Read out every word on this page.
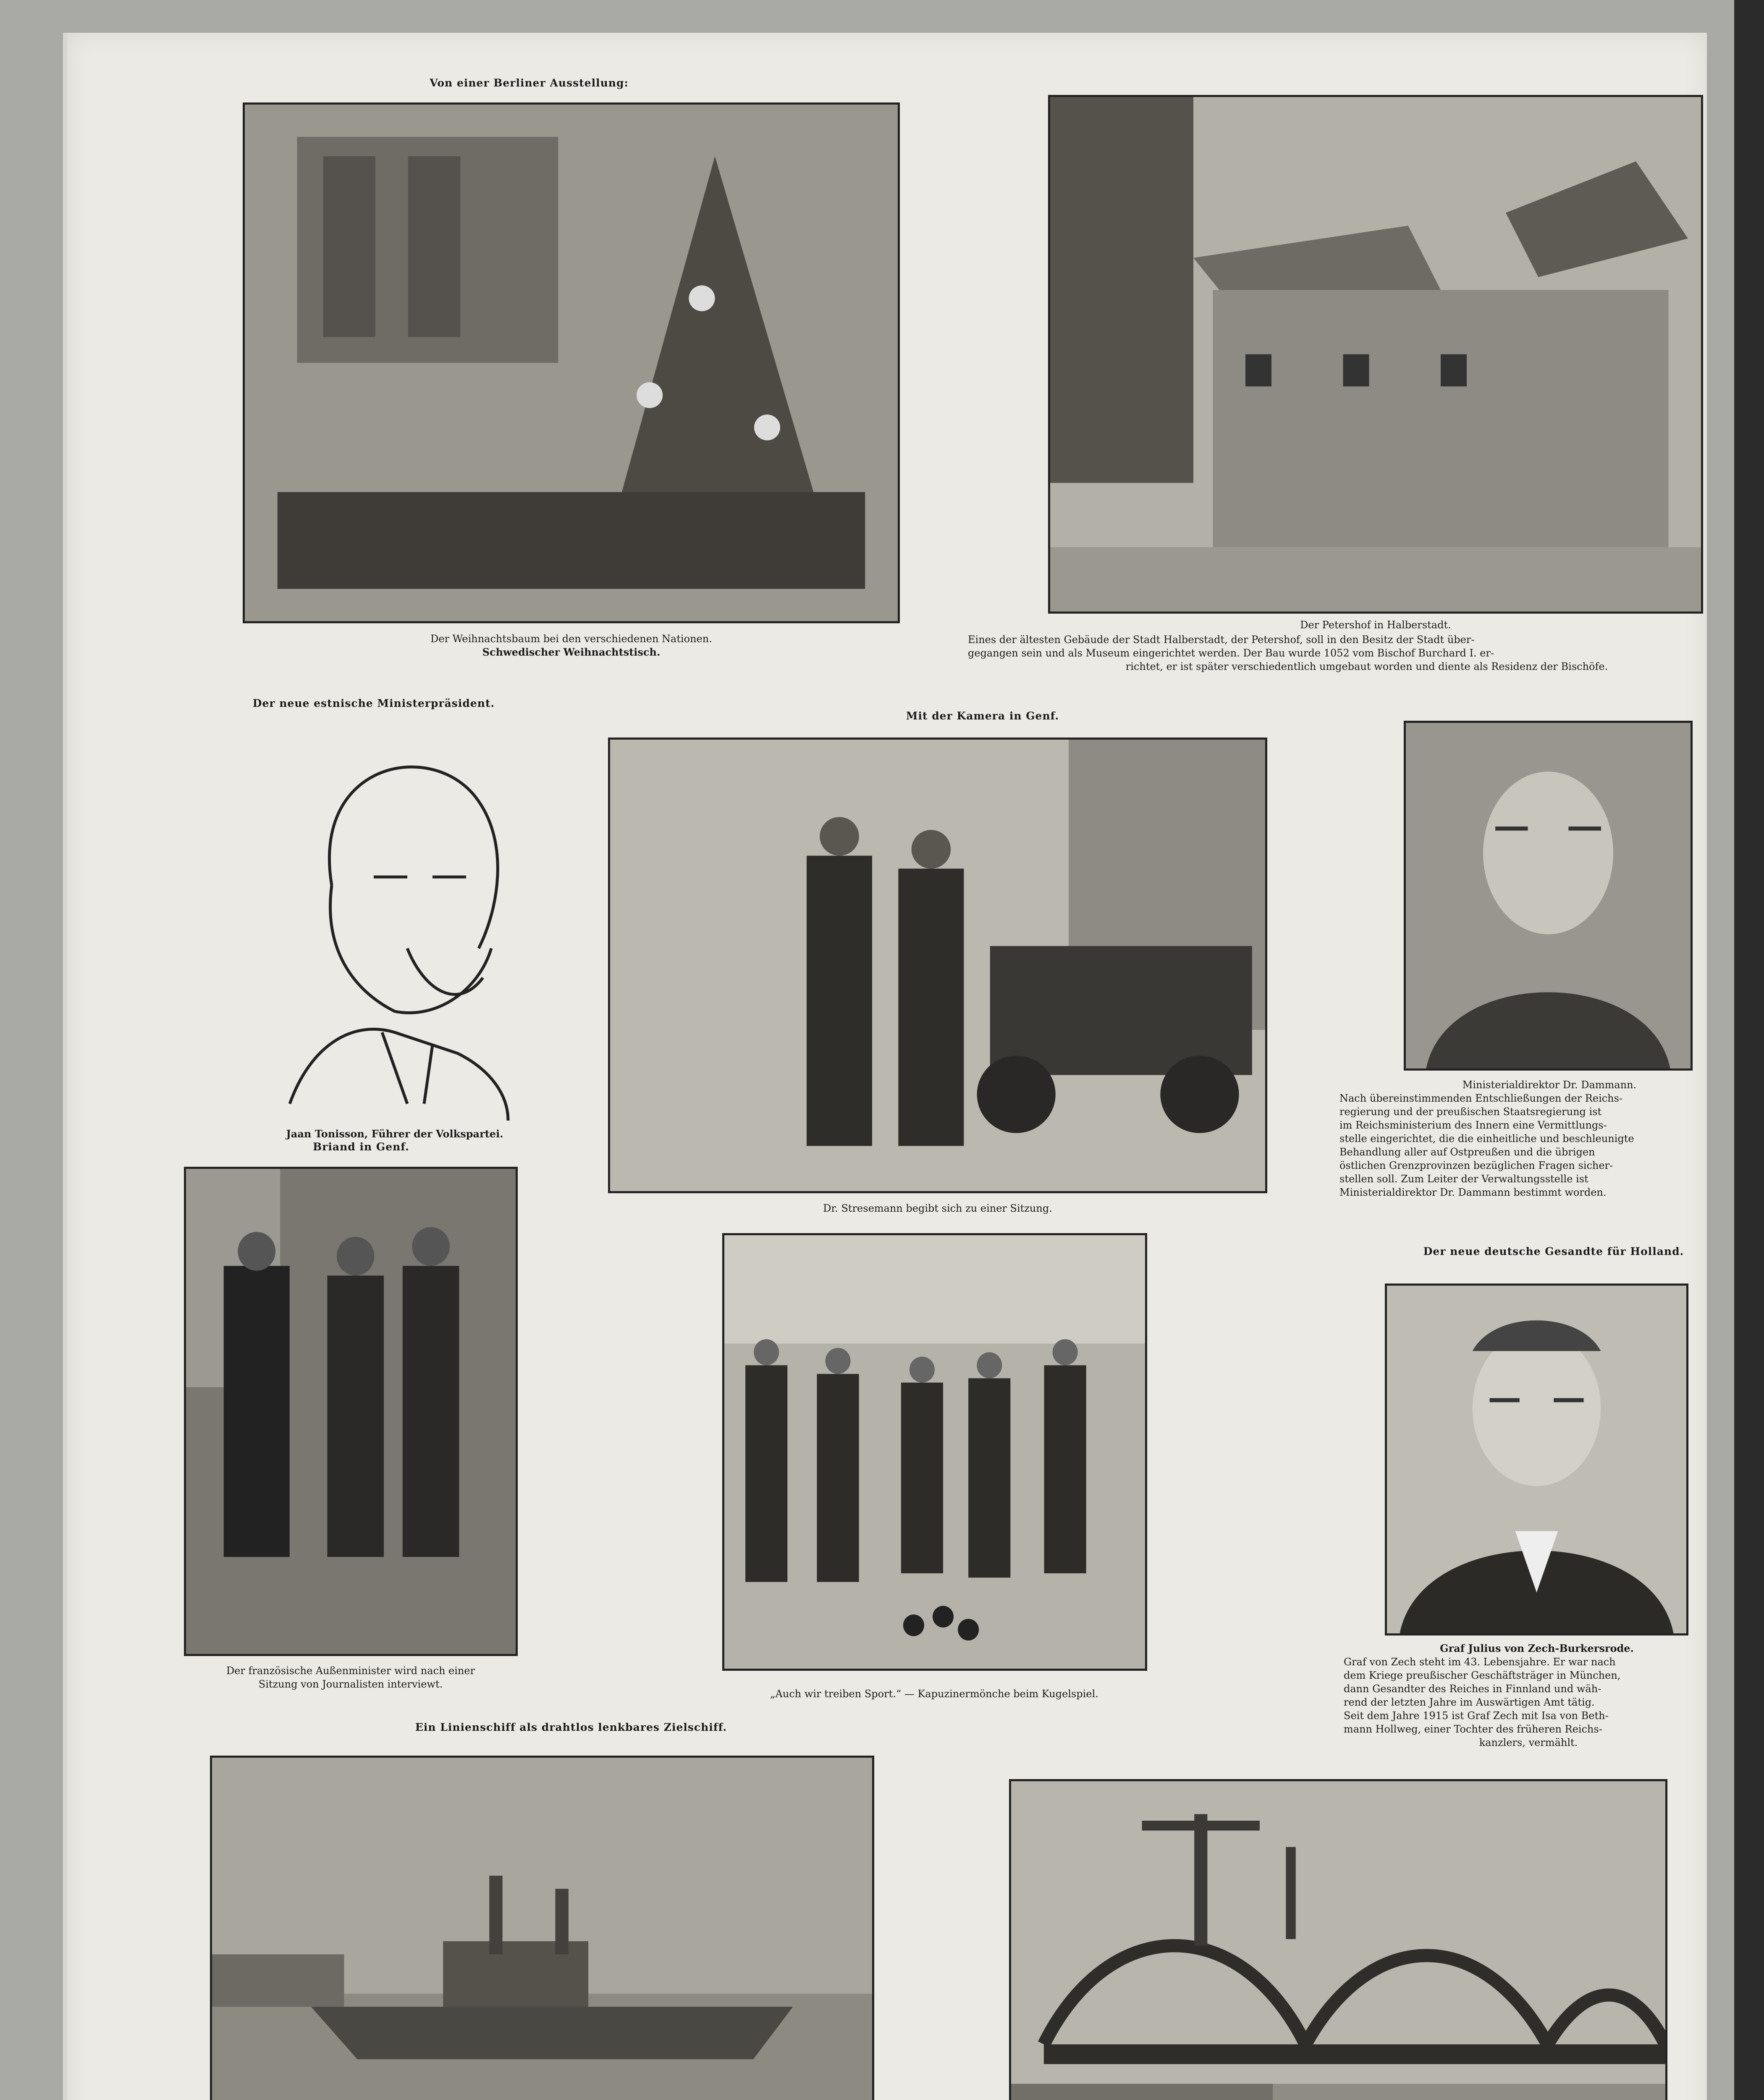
Von einer Berliner Ausstellung:
Der Weihnachtsbaum bei den verschiedenen Nationen.
Schwedischer Weihnachtstisch.
Der Petershof in Halberstadt.
Eines der ältesten Gebäude der Stadt Halberstadt, der Petershof, soll in den Besitz der Stadt über-
gegangen sein und als Museum eingerichtet werden. Der Bau wurde 1052 vom Bischof Burchard I. er-
richtet, er ist später verschiedentlich umgebaut worden und diente als Residenz der Bischöfe.
Der neue estnische Ministerpräsident.
Jaan Tonisson, Führer der Volkspartei.
Mit der Kamera in Genf.
Dr. Stresemann begibt sich zu einer Sitzung.
Ministerialdirektor Dr. Dammann.
Nach übereinstimmenden Entschließungen der Reichs-
regierung und der preußischen Staatsregierung ist
im Reichsministerium des Innern eine Vermittlungs-
stelle eingerichtet, die die einheitliche und beschleunigte
Behandlung aller auf Ostpreußen und die übrigen
östlichen Grenzprovinzen bezüglichen Fragen sicher-
stellen soll. Zum Leiter der Verwaltungsstelle ist
Ministerialdirektor Dr. Dammann bestimmt worden.
Briand in Genf.
Der französische Außenminister wird nach einer
Sitzung von Journalisten interviewt.
„Auch wir treiben Sport.“ — Kapuzinermönche beim Kugelspiel.
Der neue deutsche Gesandte für Holland.
Graf Julius von Zech-Burkersrode.
Graf von Zech steht im 43. Lebensjahre. Er war nach
dem Kriege preußischer Geschäftsträger in München,
dann Gesandter des Reiches in Finnland und wäh-
rend der letzten Jahre im Auswärtigen Amt tätig.
Seit dem Jahre 1915 ist Graf Zech mit Isa von Beth-
mann Hollweg, einer Tochter des früheren Reichs-
kanzlers, vermählt.
Ein Linienschiff als drahtlos lenkbares Zielschiff.
